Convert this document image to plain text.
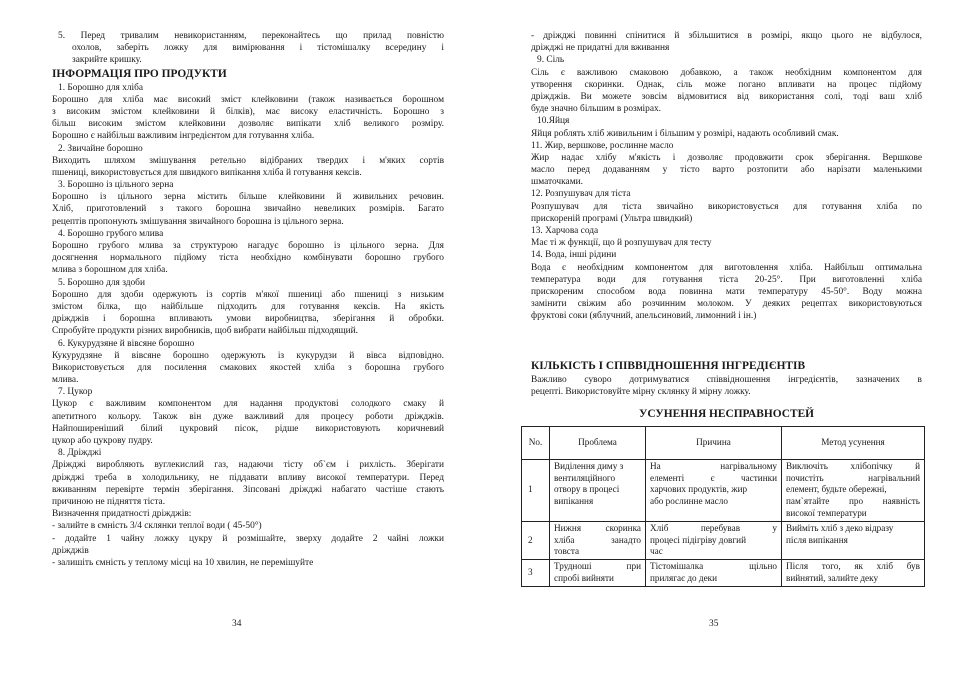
5. Перед тривалим невикористанням, переконайтесь що прилад повністю
охолов, заберіть ложку для вимірювання і тістомішалку всередину і
закрийте кришку.
ІНФОРМАЦІЯ ПРО ПРОДУКТИ
1. Борошно для хліба
Борошно для хліба має високий зміст клейковини (також називається борошном
з високим змістом клейковини й білків), має високу еластичність. Борошно з
більш високим змістом клейковини дозволяє випікати хліб великого розміру.
Борошно є найбільш важливим інгредієнтом для готування хліба.
2. Звичайне борошно
Виходить шляхом змішування ретельно відібраних твердих і м'яких сортів
пшениці, використовується для швидкого випікання хліба й готування кексів.
3. Борошно із цільного зерна
Борошно із цільного зерна містить більше клейковини й живильних речовин.
Хліб, приготовлений з такого борошна звичайно невеликих розмірів. Багато
рецептів пропонують змішування звичайного борошна із цільного зерна.
4. Борошно грубого млива
Борошно грубого млива за структурою нагадує борошно із цільного зерна. Для
досягнення нормального підйому тіста необхідно комбінувати борошно грубого
млива з борошном для хліба.
5. Борошно для здоби
Борошно для здоби одержують із сортів м'якої пшениці або пшениці з низьким
змістом білка, що найбільше підходить для готування кексів. На якість
дріжджів і борошна впливають умови виробництва, зберігання й обробки.
Спробуйте продукти різних виробників, щоб вибрати найбільш підходящий.
6. Кукурудзяне й вівсяне борошно
Кукурудзяне й вівсяне борошно одержують із кукурудзи й вівса відповідно.
Використовується для посилення смакових якостей хліба з борошна грубого
млива.
7. Цукор
Цукор є важливим компонентом для надання продуктові солодкого смаку й
апетитного кольору. Також він дуже важливий для процесу роботи дріжджів.
Найпоширеніший білий цукровий пісок, рідше використовують коричневий
цукор або цукрову пудру.
8. Дріжджі
Дріжджі виробляють вуглекислий газ, надаючи тісту об`єм і рихлість. Зберігати
дріжджі треба в холодильнику, не піддавати впливу високої температури. Перед
вживанням перевірте термін зберігання. Зіпсовані дріжджі набагато частіше стають
причиною не підняття тіста.
Визначення придатності дріжджів:
- залийте в ємність 3/4 склянки теплої води ( 45-50°)
- додайте 1 чайну ложку цукру й розмішайте, зверху додайте 2 чайні ложки
дріжджів
- залишіть ємність у теплому місці на 10 хвилин, не перемішуйте
- дріжджі повинні спінитися й збільшитися в розмірі, якщо цього не відбулося,
дріжджі не придатні для вживання
9. Сіль
Сіль є важливою смаковою добавкою, а також необхідним компонентом для
утворення скоринки. Однак, сіль може погано впливати на процес підйому
дріжджів. Ви можете зовсім відмовитися від використання солі, тоді ваш хліб
буде значно більшим в розмірах.
10.Яйця
Яйця роблять хліб живильним і більшим у розмірі, надають особливий смак.
11. Жир, вершкове, рослинне масло
Жир надає хлібу м'якість і дозволяє продовжити срок зберігання. Вершкове
масло перед додаванням у тісто варто розтопити або нарізати маленькими
шматочками.
12. Розпушувач для тіста
Розпушувач для тіста звичайно використовується для готування хліба по
прискореній програмі (Ультра швидкий)
13. Харчова сода
Має ті ж функції, що й розпушувач для тесту
14. Вода, інші рідини
Вода є необхідним компонентом для виготовлення хліба. Найбільш оптимальна
температура води для готування тіста 20-25°. При виготовленні хліба
прискореним способом вода повинна мати температуру 45-50°. Воду можна
замінити свіжим або розчинним молоком. У деяких рецептах використовуються
фруктові соки (яблучний, апельсиновий, лимонний і ін.)
КІЛЬКІСТЬ І СПІВВІДНОШЕННЯ ІНГРЕДІЄНТІВ
Важливо суворо дотримуватися співвідношення інгредієнтів, зазначених в
рецепті. Використовуйте мірну склянку й мірну ложку.
УСУНЕННЯ НЕСПРАВНОСТЕЙ
No.	Проблема	Причина	Метод усунення
1	Виділення диму з
вентиляційного
отвору в процесі
випікання	На нагрівальному
елементі є частинки
харчових продуктів, жир
або рослинне масло	Виключіть хлібопічку й
почистіть нагрівальний
елемент, будьте обережні,
пам`ятайте про наявність
високої температури

2	Нижня скоринка
хліба занадто
товста	Хліб перебував у
процесі підігріву довгий
час	Вийміть хліб з деко відразу
після випікання

3	Трудноші при
спробі вийняти	Тістомішалка щільно
прилягає до деки	Після того, як хліб був
вийнятий, залийте деку
34	35
